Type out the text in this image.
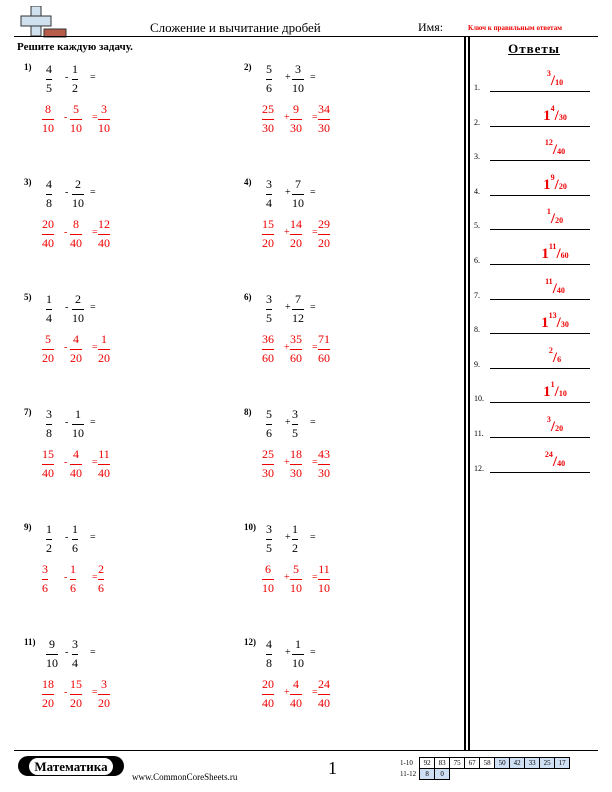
Сложение и вычитание дробей	Имя:	Ключ к правильным ответам
Решите каждую задачу.	Ответы
1) 4
5
-
1
2
=
8
10
-
5
10
=
3
10
2) 5
6
+
3
10
=
25
30
+
9
30
=
34
30
3) 4
8
-
2
10
=
20
40
-
8
40
=
12
40
4) 3
4
+
7
10
=
15
20
+
14
20
=
29
20
5) 1
4
-
2
10
=
5
20
-
4
20
=
1
20
6) 3
5
+
7
12
=
36
60
+
35
60
=
71
60
7) 3
8
-
1
10
=
15
40
-
4
40
=
11
40
8) 5
6
+
3
5
=
25
30
+
18
30
=
43
30
9) 1
2
-
1
6
=
3
6
-
1
6
=
2
6
10) 3
5
+
1
2
=
6
10
+
5
10
=
11
10
11) 9
10
-
3
4
=
18
20
-
15
20
=
3
20
12) 4
8
+
1
10
=
20
40
+
4
40
=
24
40
1.
$^3$/10
2.	$1^4/30$
3.
$^{12}$/40
4.	$1^9/20$
5.
$^1$/20
6.	$1^{11}/60$
7.
$^{11}$/40
8.	$1^{13}/30$
9.
$^2$/6
10.	$1^1/10$
11.
$^3$/20
12.
$^{24}$/40
Математика
www.CommonCoreSheets.ru	1	1-10	92	83	75	67	58	50	42	33	25	17
11-12	8	0								
